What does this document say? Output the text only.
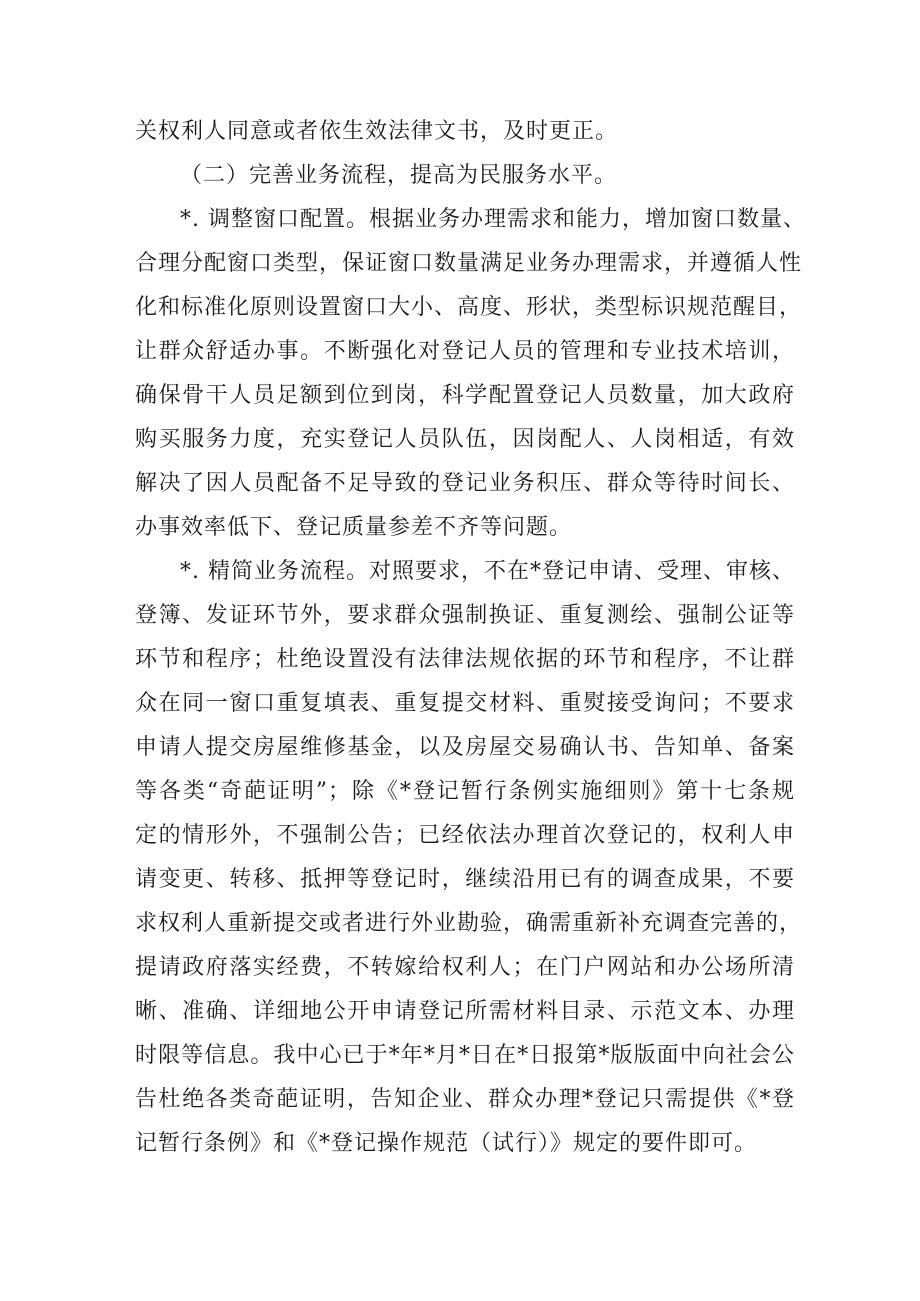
关权利人同意或者依生效法律文书，及时更正。
（二）完善业务流程，提高为民服务水平。
*. 调整窗口配置。根据业务办理需求和能力，增加窗口数量、
合理分配窗口类型，保证窗口数量满足业务办理需求，并遵循人性
化和标准化原则设置窗口大小、高度、形状，类型标识规范醒目，
让群众舒适办事。不断强化对登记人员的管理和专业技术培训，
确保骨干人员足额到位到岗，科学配置登记人员数量，加大政府
购买服务力度，充实登记人员队伍，因岗配人、人岗相适，有效
解决了因人员配备不足导致的登记业务积压、群众等待时间长、
办事效率低下、登记质量参差不齐等问题。
*. 精简业务流程。对照要求，不在*登记申请、受理、审核、
登簿、发证环节外，要求群众强制换证、重复测绘、强制公证等
环节和程序；杜绝设置没有法律法规依据的环节和程序，不让群
众在同一窗口重复填表、重复提交材料、重熨接受询问；不要求
申请人提交房屋维修基金，以及房屋交易确认书、告知单、备案
等各类“奇葩证明”；除《*登记暂行条例实施细则》第十七条规
定的情形外，不强制公告；已经依法办理首次登记的，权利人申
请变更、转移、抵押等登记时，继续沿用已有的调查成果，不要
求权利人重新提交或者进行外业勘验，确需重新补充调查完善的，
提请政府落实经费，不转嫁给权利人；在门户网站和办公场所清
晰、准确、详细地公开申请登记所需材料目录、示范文本、办理
时限等信息。我中心已于*年*月*日在*日报第*版版面中向社会公
告杜绝各类奇葩证明，告知企业、群众办理*登记只需提供《*登
记暂行条例》和《*登记操作规范（试行）》规定的要件即可。
